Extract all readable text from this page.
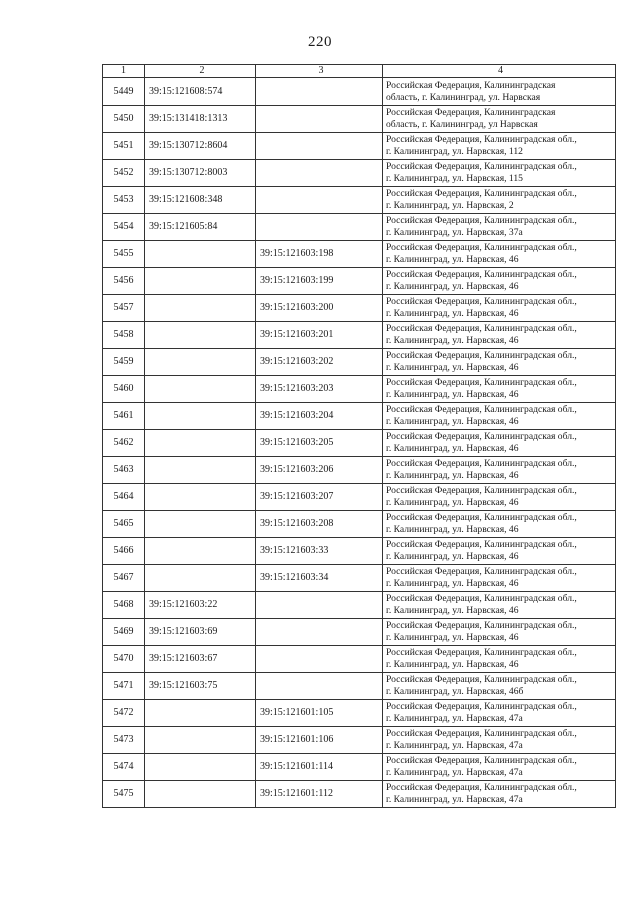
220
1	2	3	4
5449	39:15:121608:574		Российская Федерация, Калининградская
область, г. Калининград, ул. Нарвская

5450	39:15:131418:1313		Российская Федерация, Калининградская
область, г. Калининград, ул Нарвская

5451	39:15:130712:8604		Российская Федерация, Калининградская обл.,
г. Калининград, ул. Нарвская, 112

5452	39:15:130712:8003		Российская Федерация, Калининградская обл.,
г. Калининград, ул. Нарвская, 115

5453	39:15:121608:348		Российская Федерация, Калининградская обл.,
г. Калининград, ул. Нарвская, 2

5454	39:15:121605:84		Российская Федерация, Калининградская обл.,
г. Калининград, ул. Нарвская, 37а

5455		39:15:121603:198	Российская Федерация, Калининградская обл.,
г. Калининград, ул. Нарвская, 46

5456		39:15:121603:199	Российская Федерация, Калининградская обл.,
г. Калининград, ул. Нарвская, 46

5457		39:15:121603:200	Российская Федерация, Калининградская обл.,
г. Калининград, ул. Нарвская, 46

5458		39:15:121603:201	Российская Федерация, Калининградская обл.,
г. Калининград, ул. Нарвская, 46

5459		39:15:121603:202	Российская Федерация, Калининградская обл.,
г. Калининград, ул. Нарвская, 46

5460		39:15:121603:203	Российская Федерация, Калининградская обл.,
г. Калининград, ул. Нарвская, 46

5461		39:15:121603:204	Российская Федерация, Калининградская обл.,
г. Калининград, ул. Нарвская, 46

5462		39:15:121603:205	Российская Федерация, Калининградская обл.,
г. Калининград, ул. Нарвская, 46

5463		39:15:121603:206	Российская Федерация, Калининградская обл.,
г. Калининград, ул. Нарвская, 46

5464		39:15:121603:207	Российская Федерация, Калининградская обл.,
г. Калининград, ул. Нарвская, 46

5465		39:15:121603:208	Российская Федерация, Калининградская обл.,
г. Калининград, ул. Нарвская, 46

5466		39:15:121603:33	Российская Федерация, Калининградская обл.,
г. Калининград, ул. Нарвская, 46

5467		39:15:121603:34	Российская Федерация, Калининградская обл.,
г. Калининград, ул. Нарвская, 46

5468	39:15:121603:22		Российская Федерация, Калининградская обл.,
г. Калининград, ул. Нарвская, 46

5469	39:15:121603:69		Российская Федерация, Калининградская обл.,
г. Калининград, ул. Нарвская, 46

5470	39:15:121603:67		Российская Федерация, Калининградская обл.,
г. Калининград, ул. Нарвская, 46

5471	39:15:121603:75		Российская Федерация, Калининградская обл.,
г. Калининград, ул. Нарвская, 46б

5472		39:15:121601:105	Российская Федерация, Калининградская обл.,
г. Калининград, ул. Нарвская, 47а

5473		39:15:121601:106	Российская Федерация, Калининградская обл.,
г. Калининград, ул. Нарвская, 47а

5474		39:15:121601:114	Российская Федерация, Калининградская обл.,
г. Калининград, ул. Нарвская, 47а

5475		39:15:121601:112	Российская Федерация, Калининградская обл.,
г. Калининград, ул. Нарвская, 47а
